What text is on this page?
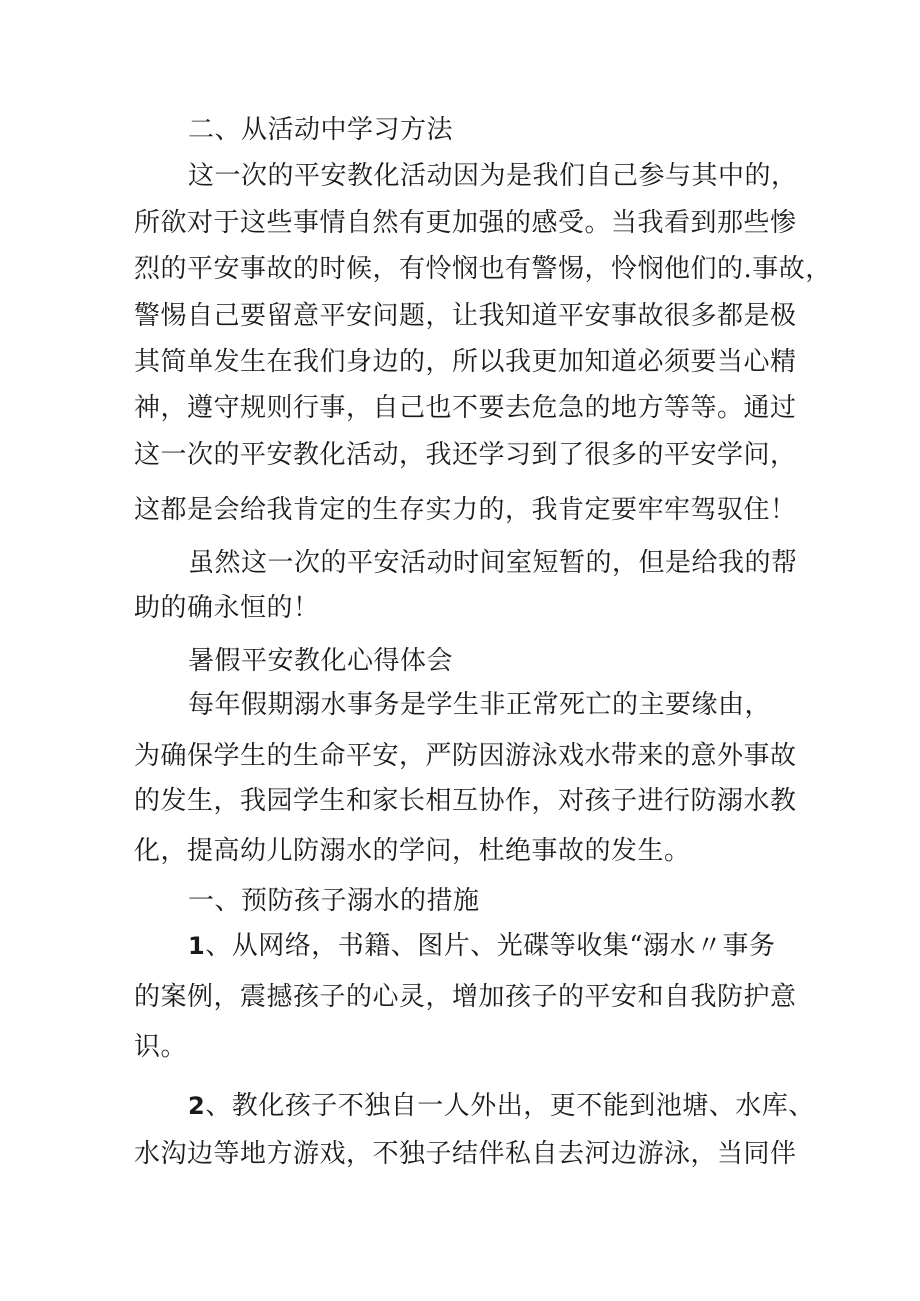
二、从活动中学习方法
这一次的平安教化活动因为是我们自己参与其中的，
所欲对于这些事情自然有更加强的感受。当我看到那些惨
烈的平安事故的时候，有怜悯也有警惕，怜悯他们的.事故，
警惕自己要留意平安问题，让我知道平安事故很多都是极
其简单发生在我们身边的，所以我更加知道必须要当心精
神，遵守规则行事，自己也不要去危急的地方等等。通过
这一次的平安教化活动，我还学习到了很多的平安学问，
这都是会给我肯定的生存实力的，我肯定要牢牢驾驭住！
虽然这一次的平安活动时间室短暂的，但是给我的帮
助的确永恒的！
暑假平安教化心得体会
每年假期溺水事务是学生非正常死亡的主要缘由，
为确保学生的生命平安，严防因游泳戏水带来的意外事故
的发生，我园学生和家长相互协作，对孩子进行防溺水教
化，提高幼儿防溺水的学问，杜绝事故的发生。
一、预防孩子溺水的措施
1、从网络，书籍、图片、光碟等收集“溺水〃事务
的案例，震撼孩子的心灵，增加孩子的平安和自我防护意
识。
2、教化孩子不独自一人外出，更不能到池塘、水库、
水沟边等地方游戏，不独子结伴私自去河边游泳，当同伴
